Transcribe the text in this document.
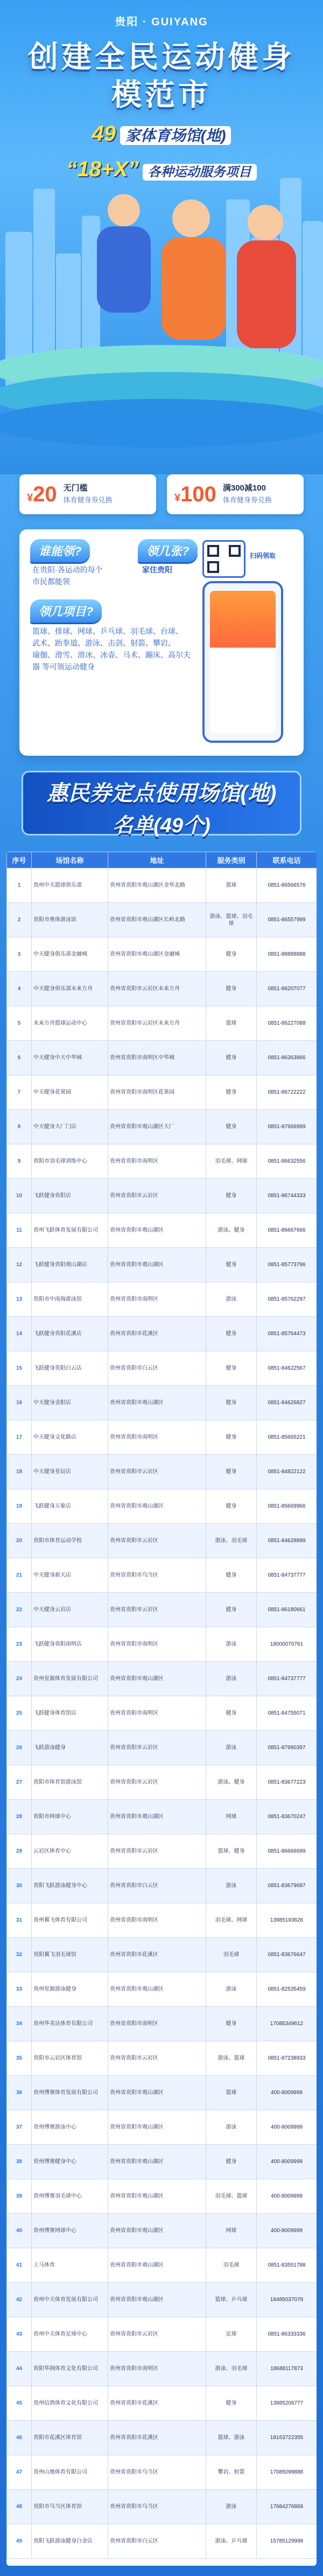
贵阳 · GUIYANG
创建全民运动健身
模范市
49 家体育场馆(地)
“18+X” 各种运动服务项目
¥20 无门槛
体育健身券兑换	¥100 满300减100
体育健身券兑换
谁能领?
在贵阳·各运动的每个
市民都能领
领几张?
家住贵阳
领几项目?
篮球、排球、网球、乒乓球、羽毛球、台球、
武术、跆拳道、游泳、击剑、射箭、攀岩、
瑜伽、滑雪、滑冰、冰壶、马术、蹦床、高尔夫
器 等可领运动健身
扫码领取
惠民券定点使用场馆(地)
名单(49个)
序号	场馆名称	地址	服务类别	联系电话
1	贵州中天篮球俱乐部	贵州省贵阳市观山湖区金华北路	篮球	0851-86566576
2	贵阳市奥体游泳馆	贵州省贵阳市观山湖区长岭北路	游泳、篮球、羽毛球	0851-86557999
3	中天健身俱乐部金融城	贵州省贵阳市观山湖区金融城	健身	0851-88888888
4	中天健身俱乐部未来方舟	贵州省贵阳市云岩区未来方舟	健身	0851-86207077
5	未来方舟篮球运动中心	贵州省贵阳市云岩区未来方舟	篮球	0851-86227088
6	中天健身中天中华城	贵州省贵阳市南明区中华城	健身	0851-86363866
7	中天健身花果园	贵州省贵阳市南明区花果园	健身	0851-86722222
8	中天健身大厂门店	贵州省贵阳市观山湖区大厂	健身	0851-87666999
9	贵阳市羽毛球训练中心	贵州省贵阳市南明区	羽毛球、网球	0851-86632556
10	飞跃健身贵阳店	贵州省贵阳市云岩区	健身	0851-86744333
11	贵州飞跃体育发展有限公司	贵州省贵阳市观山湖区	游泳、健身	0851-86667666
12	飞跃健身贵阳观山湖店	贵州省贵阳市观山湖区	健身	0851-85773796
13	贵阳市中南海游泳馆	贵州省贵阳市南明区	游泳	0851-85762297
14	飞跃健身贵阳花溪店	贵州省贵阳市花溪区	健身	0851-85764473
15	飞跃健身贵阳白云店	贵州省贵阳市白云区	健身	0851-84622567
16	中天健身金阳店	贵州省贵阳市观山湖区	健身	0851-84626827
17	中天健身文化路店	贵州省贵阳市南明区	健身	0851-85665221
18	中天健身星辰店	贵州省贵阳市云岩区	健身	0851-84822122
19	飞跃健身万象店	贵州省贵阳市观山湖区	健身	0851-85669966
20	贵阳市体育运动学校	贵州省贵阳市云岩区	游泳、羽毛球	0851-84628899
21	中天健身新天店	贵州省贵阳市乌当区	健身	0851-84737777
22	中天健身云岩店	贵州省贵阳市云岩区	健身	0851-86180661
23	飞跃健身贵阳南明店	贵州省贵阳市南明区	游泳	18000070761
24	贵州星源体育发展有限公司	贵州省贵阳市观山湖区	游泳	0851-84737777
25	飞跃健身体育馆店	贵州省贵阳市南明区	健身	0851-84755071
26	飞跃游泳健身	贵州省贵阳市云岩区	游泳	0851-87990397
27	贵阳市体育馆游泳馆	贵州省贵阳市云岩区	游泳、健身	0851-83677223
28	贵阳市网球中心	贵州省贵阳市观山湖区	网球	0851-83670247
29	云岩区体育中心	贵州省贵阳市云岩区	篮球、健身	0851-86666699
30	贵阳飞跃游泳健身中心	贵州省贵阳市白云区	游泳	0851-83679697
31	贵州翼飞体育有限公司	贵州省贵阳市南明区	羽毛球、网球	13985193626
32	贵阳翼飞羽毛球馆	贵州省贵阳市花溪区	羽毛球	0851-83676647
33	贵州星源游泳健身	贵州省贵阳市观山湖区	游泳	0851-82535459
34	贵州华美达体育有限公司	贵州省贵阳市南明区	健身	17085349612
35	贵阳市云岩区体育馆	贵州省贵阳市云岩区	游泳、篮球	0851-87238933
36	贵州博赛体育发展有限公司	贵州省贵阳市观山湖区	篮球	400-8009999
37	贵州博赛游泳中心	贵州省贵阳市观山湖区	游泳	400-8009999
38	贵州博赛健身中心	贵州省贵阳市观山湖区	健身	400-8009999
39	贵州博赛羽毛球中心	贵州省贵阳市观山湖区	羽毛球、篮球	400-8009999
40	贵州博赛网球中心	贵州省贵阳市观山湖区	网球	400-8009999
41	上马体育	贵州省贵阳市观山湖区	羽毛球	0851-83551788
42	贵州中天体育发展有限公司	贵州省贵阳市观山湖区	篮球、乒乓球	18485037079
43	贵州中天体育足球中心	贵州省贵阳市云岩区	足球	0851-86333336
44	贵阳华润体育文化有限公司	贵州省贵阳市南明区	游泳、羽毛球	18688117873
45	贵州信鸽体育文化有限公司	贵州省贵阳市花溪区	健身	13985206777
46	贵阳市花溪区体育馆	贵州省贵阳市花溪区	篮球、游泳	18163722355
47	贵州山地体育有限公司	贵州省贵阳市乌当区	攀岩、射箭	17085099888
48	贵阳市乌当区体育馆	贵州省贵阳市乌当区	游泳	17684276868
49	贵阳飞跃游泳健身白金店	贵州省贵阳市白云区	游泳、乒乓球	15785129999
